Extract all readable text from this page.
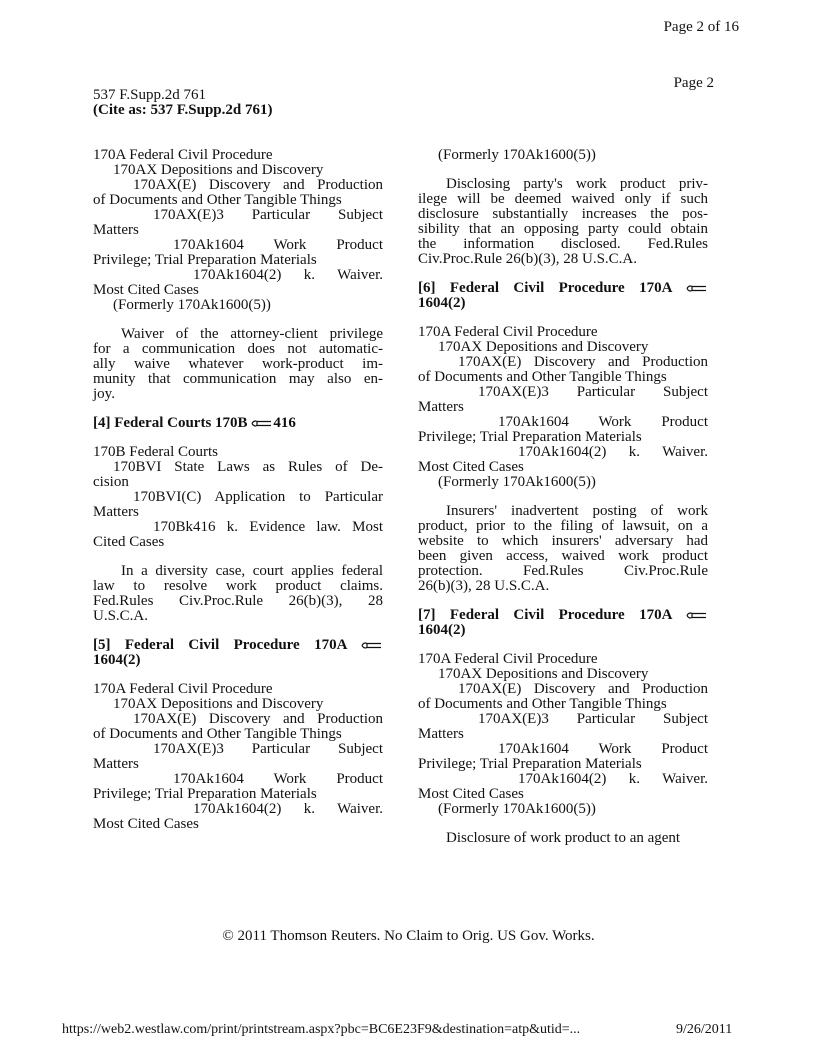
Page 2 of 16
Page 2
537 F.Supp.2d 761
(Cite as: 537 F.Supp.2d 761)

170A Federal Civil Procedure

170AX Depositions and Discovery

170AX(E) Discovery and Production

of Documents and Other Tangible Things

170AX(E)3 Particular Subject

Matters

170Ak1604 Work Product

Privilege; Trial Preparation Materials

170Ak1604(2) k. Waiver.

Most Cited Cases

(Formerly 170Ak1600(5))

Waiver of the attorney-client privilege

for a communication does not automatic-

ally waive whatever work-product im-

munity that communication may also en-

joy.

[4] Federal Courts 170B 416

170B Federal Courts

170BVI State Laws as Rules of De-

cision

170BVI(C) Application to Particular

Matters

170Bk416 k. Evidence law. Most

Cited Cases

In a diversity case, court applies federal

law to resolve work product claims.

Fed.Rules Civ.Proc.Rule 26(b)(3), 28

U.S.C.A.

[5] Federal Civil Procedure 170A

1604(2)

170A Federal Civil Procedure

170AX Depositions and Discovery

170AX(E) Discovery and Production

of Documents and Other Tangible Things

170AX(E)3 Particular Subject

Matters

170Ak1604 Work Product

Privilege; Trial Preparation Materials

170Ak1604(2) k. Waiver.

Most Cited Cases

(Formerly 170Ak1600(5))

Disclosing party's work product priv-

ilege will be deemed waived only if such

disclosure substantially increases the pos-

sibility that an opposing party could obtain

the information disclosed. Fed.Rules

Civ.Proc.Rule 26(b)(3), 28 U.S.C.A.

[6] Federal Civil Procedure 170A

1604(2)

170A Federal Civil Procedure

170AX Depositions and Discovery

170AX(E) Discovery and Production

of Documents and Other Tangible Things

170AX(E)3 Particular Subject

Matters

170Ak1604 Work Product

Privilege; Trial Preparation Materials

170Ak1604(2) k. Waiver.

Most Cited Cases

(Formerly 170Ak1600(5))

Insurers' inadvertent posting of work

product, prior to the filing of lawsuit, on a

website to which insurers' adversary had

been given access, waived work product

protection. Fed.Rules Civ.Proc.Rule

26(b)(3), 28 U.S.C.A.

[7] Federal Civil Procedure 170A

1604(2)

170A Federal Civil Procedure

170AX Depositions and Discovery

170AX(E) Discovery and Production

of Documents and Other Tangible Things

170AX(E)3 Particular Subject

Matters

170Ak1604 Work Product

Privilege; Trial Preparation Materials

170Ak1604(2) k. Waiver.

Most Cited Cases

(Formerly 170Ak1600(5))

Disclosure of work product to an agent

© 2011 Thomson Reuters. No Claim to Orig. US Gov. Works.
https://web2.westlaw.com/print/printstream.aspx?pbc=BC6E23F9&destination=atp&utid=...	9/26/2011
